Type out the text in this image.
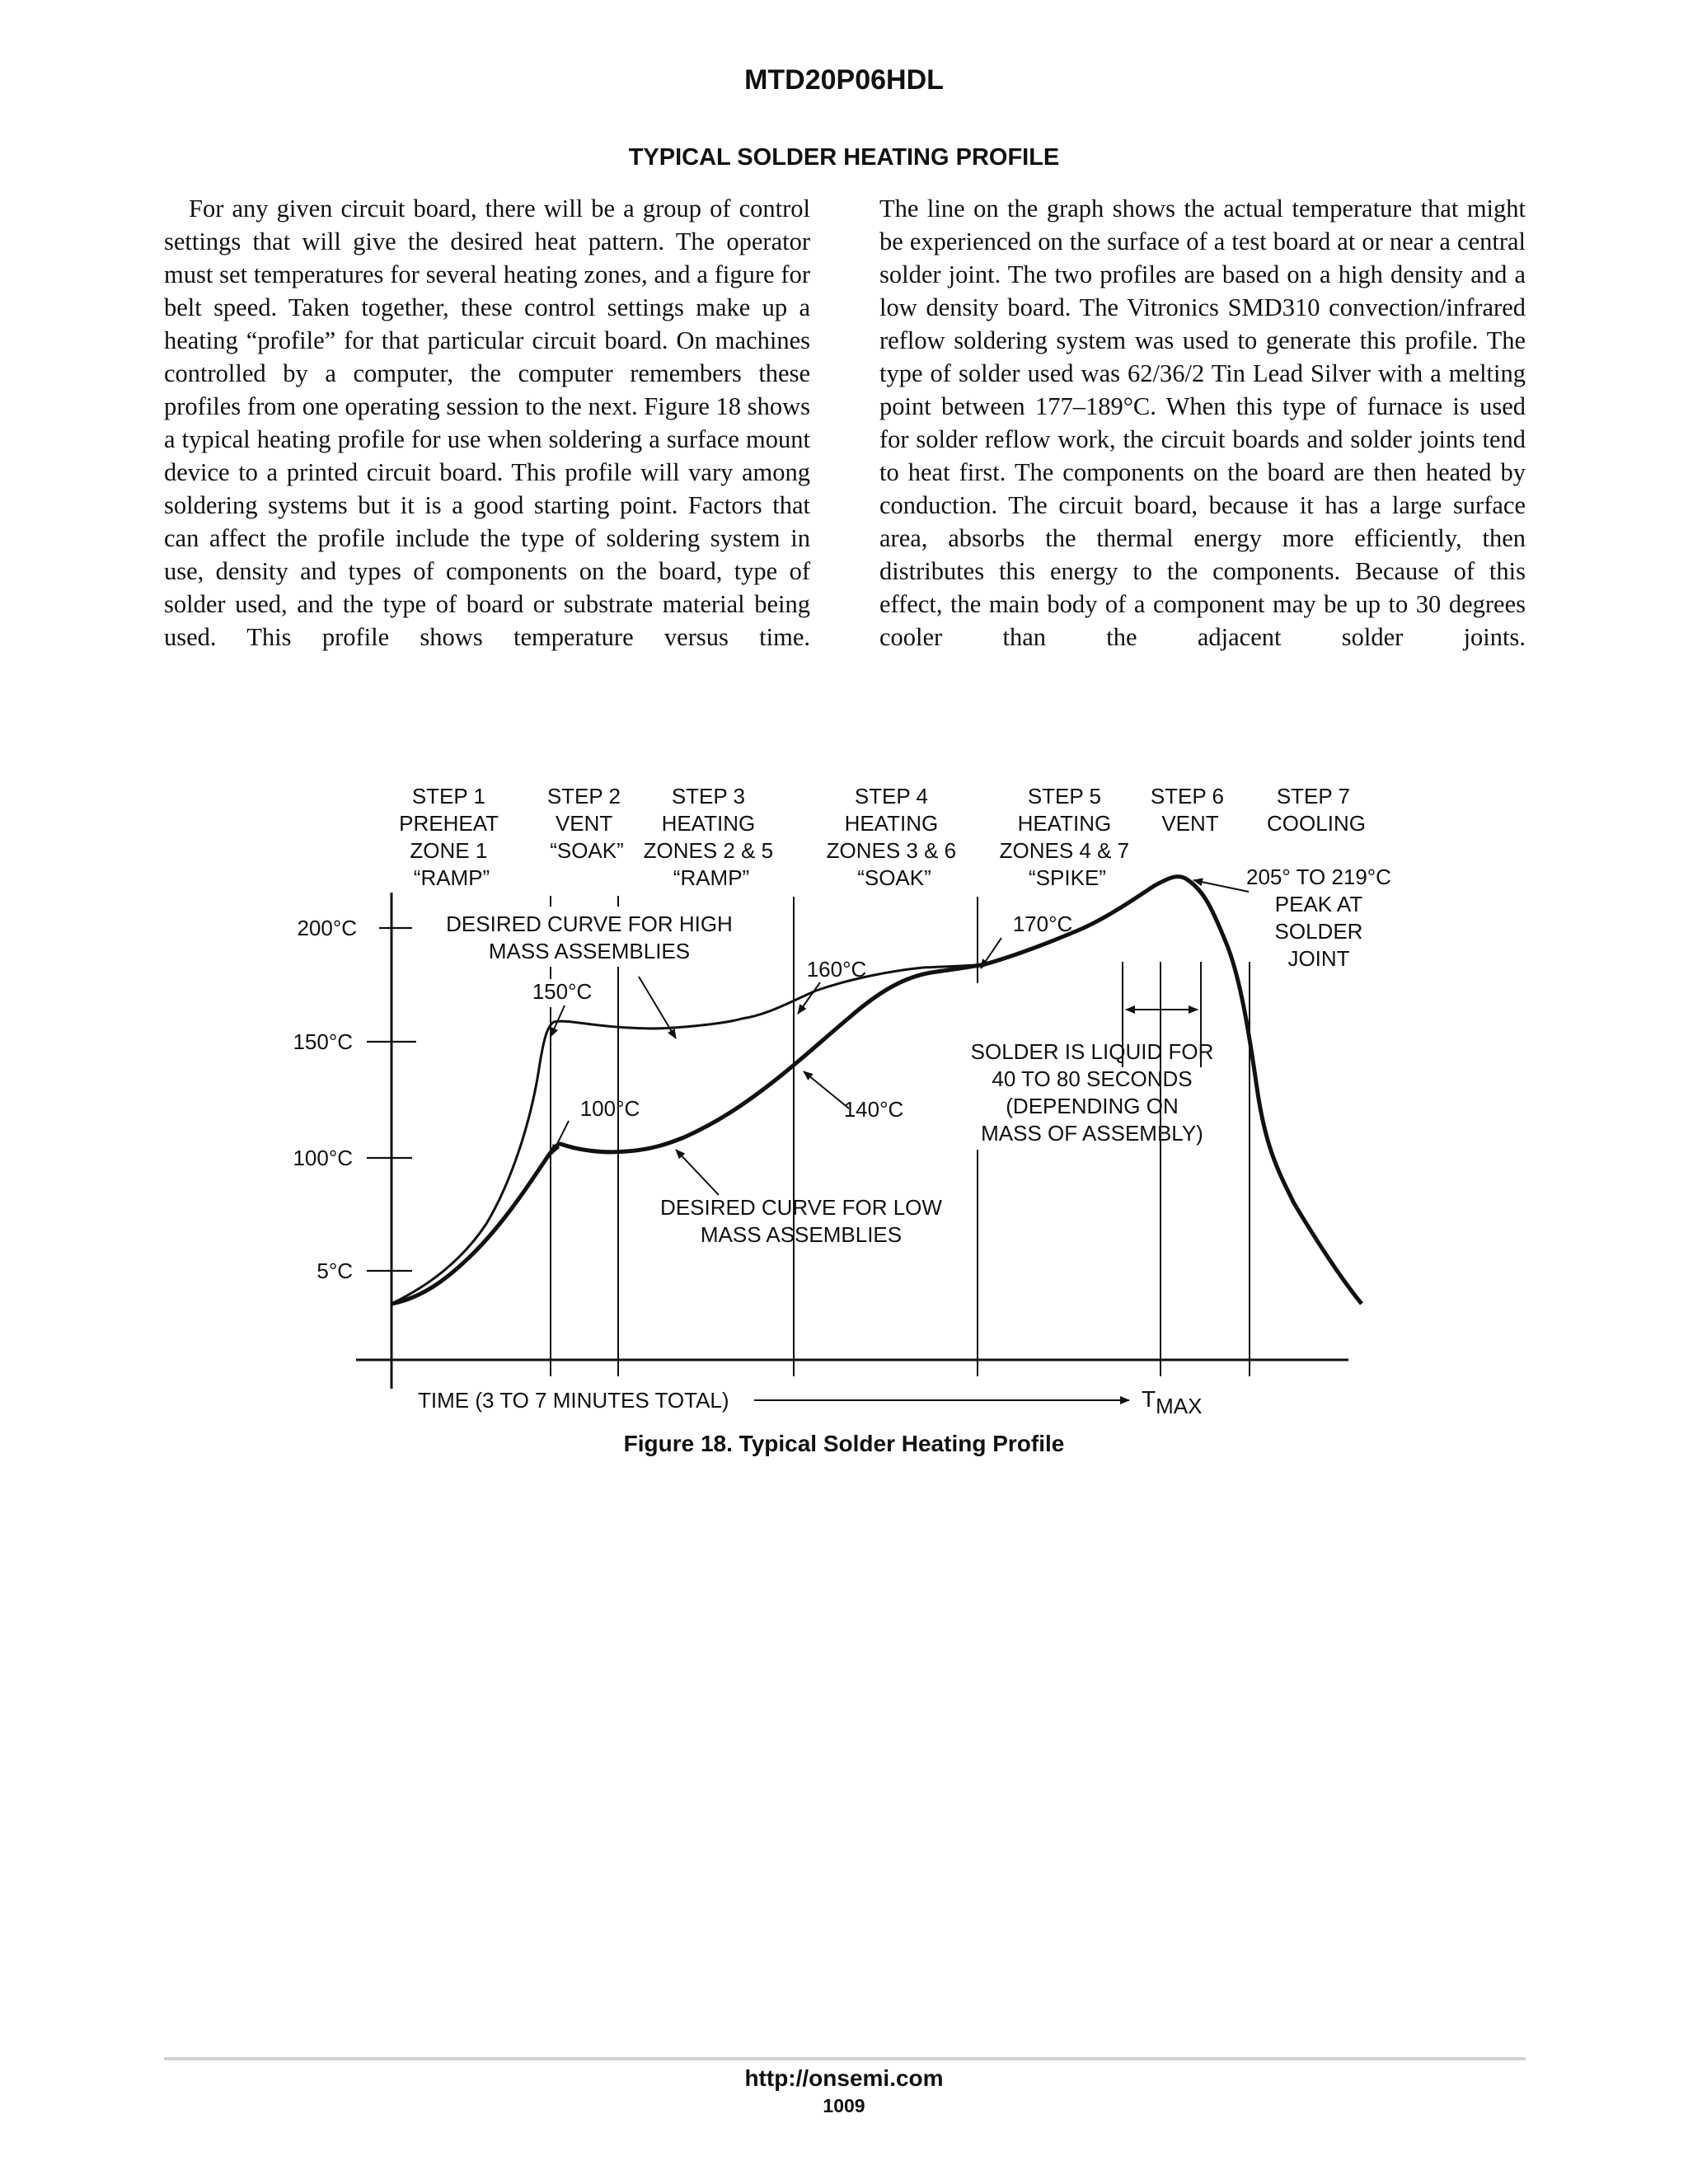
MTD20P06HDL
TYPICAL SOLDER HEATING PROFILE
For any given circuit board, there will be a group of control settings that will give the desired heat pattern. The operator must set temperatures for several heating zones, and a figure for belt speed. Taken together, these control settings make up a heating “profile” for that particular circuit board. On machines controlled by a computer, the computer remembers these profiles from one operating session to the next. Figure 18 shows a typical heating profile for use when soldering a surface mount device to a printed circuit board. This profile will vary among soldering systems but it is a good starting point. Factors that can affect the profile include the type of soldering system in use, density and types of components on the board, type of solder used, and the type of board or substrate material being used. This profile shows temperature versus time.
The line on the graph shows the actual temperature that might be experienced on the surface of a test board at or near a central solder joint. The two profiles are based on a high density and a low density board. The Vitronics SMD310 convection/infrared reflow soldering system was used to generate this profile. The type of solder used was 62/36/2 Tin Lead Silver with a melting point between 177–189°C. When this type of furnace is used for solder reflow work, the circuit boards and solder joints tend to heat first. The components on the board are then heated by conduction. The circuit board, because it has a large surface area, absorbs the thermal energy more efficiently, then distributes this energy to the components. Because of this effect, the main body of a component may be up to 30 degrees cooler than the adjacent solder joints.
STEP 1 PREHEAT ZONE 1 “RAMP”
STEP 2 VENT “SOAK”
STEP 3 HEATING ZONES 2 & 5 “RAMP”
STEP 4 HEATING ZONES 3 & 6 “SOAK”
STEP 5 HEATING ZONES 4 & 7 “SPIKE”
STEP 6 VENT
STEP 7 COOLING
200°C
150°C
100°C
5°C
DESIRED CURVE FOR HIGH
MASS ASSEMBLIES
150°C
100°C
160°C
140°C
170°C
DESIRED CURVE FOR LOW
MASS ASSEMBLIES
205° TO 219°C
PEAK AT
SOLDER
JOINT
SOLDER IS LIQUID FOR
40 TO 80 SECONDS
(DEPENDING ON
MASS OF ASSEMBLY)
TIME (3 TO 7 MINUTES TOTAL)	TMAX
Figure 18. Typical Solder Heating Profile
http://onsemi.com
1009
